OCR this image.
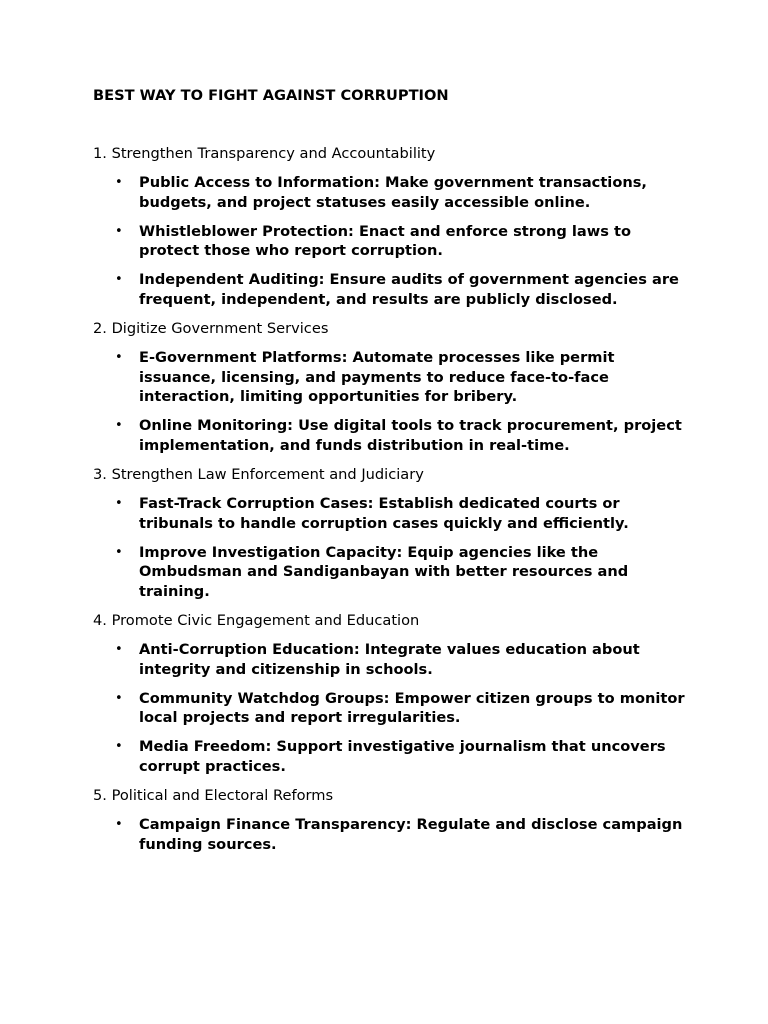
BEST WAY TO FIGHT AGAINST CORRUPTION
1. Strengthen Transparency and Accountability
• Public Access to Information: Make government transactions, budgets, and project statuses easily accessible online.
• Whistleblower Protection: Enact and enforce strong laws to protect those who report corruption.
• Independent Auditing: Ensure audits of government agencies are frequent, independent, and results are publicly disclosed.
2. Digitize Government Services
• E-Government Platforms: Automate processes like permit issuance, licensing, and payments to reduce face-to-face interaction, limiting opportunities for bribery.
• Online Monitoring: Use digital tools to track procurement, project implementation, and funds distribution in real-time.
3. Strengthen Law Enforcement and Judiciary
• Fast-Track Corruption Cases: Establish dedicated courts or tribunals to handle corruption cases quickly and efficiently.
• Improve Investigation Capacity: Equip agencies like the Ombudsman and Sandiganbayan with better resources and training.
4. Promote Civic Engagement and Education
• Anti-Corruption Education: Integrate values education about integrity and citizenship in schools.
• Community Watchdog Groups: Empower citizen groups to monitor local projects and report irregularities.
• Media Freedom: Support investigative journalism that uncovers corrupt practices.
5. Political and Electoral Reforms
• Campaign Finance Transparency: Regulate and disclose campaign funding sources.
